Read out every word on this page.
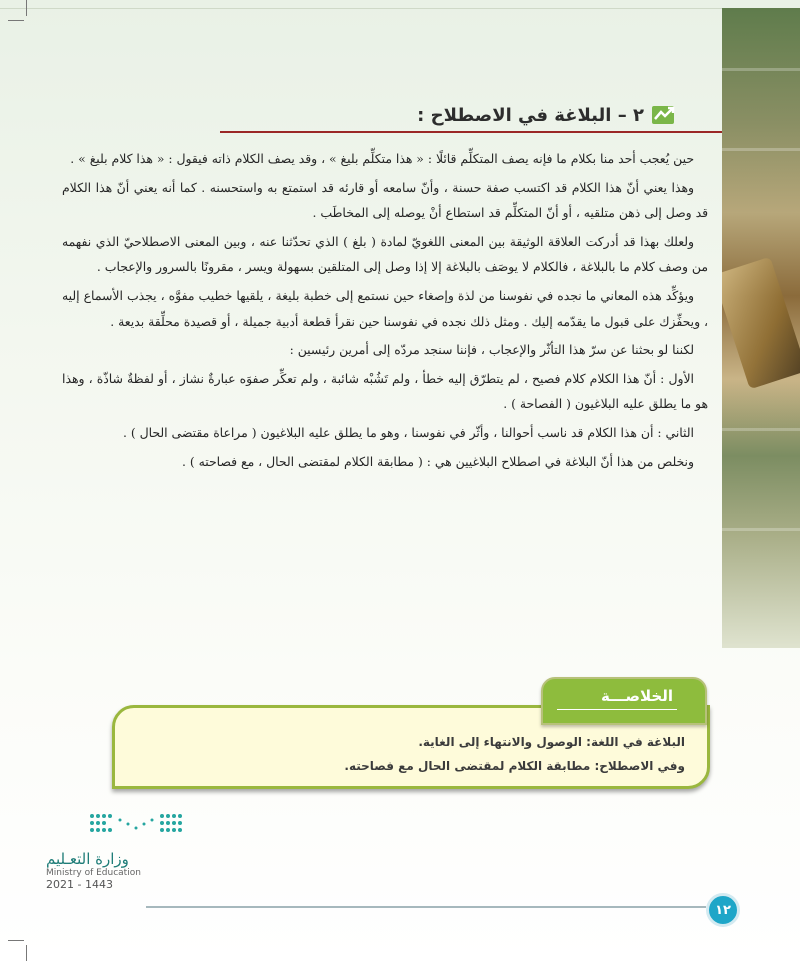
٢ – البلاغة في الاصطلاح :

حين يُعجب أحد منا بكلام ما فإنه يصف المتكلِّم قائلًا : « هذا متكلِّم بليغ » ، وقد يصف الكلام ذاته فيقول : « هذا كلام بليغ » .

وهذا يعني أنّ هذا الكلام قد اكتسب صفة حسنة ، وأنّ سامعه أو قارئه قد استمتع به واستحسنه . كما أنه يعني أنّ هذا الكلام قد وصل إلى ذهن متلقيه ، أو أنّ المتكلِّم قد استطاع أنْ يوصله إلى المخاطَب .

ولعلك بهذا قد أدركت العلاقة الوثيقة بين المعنى اللغويّ لمادة ( بلغ ) الذي تحدّثنا عنه ، وبين المعنى الاصطلاحيّ الذي نفهمه من وصف كلام ما بالبلاغة ، فالكلام لا يوصَف بالبلاغة إلا إذا وصل إلى المتلقين بسهولة ويسر ، مقرونًا بالسرور والإعجاب .

ويؤكِّد هذه المعاني ما نجده في نفوسنا من لذة وإصغاء حين نستمع إلى خطبة بليغة ، يلقيها خطيب مفوَّه ، يجذب الأسماع إليه ، ويحفِّزك على قبول ما يقدّمه إليك . ومثل ذلك نجده في نفوسنا حين نقرأ قطعة أدبية جميلة ، أو قصيدة محلِّقة بديعة .

لكننا لو بحثنا عن سرّ هذا التأثّر والإعجاب ، فإننا سنجد مردّه إلى أمرين رئيسين :

الأول : أنّ هذا الكلام كلام فصيح ، لم يتطرّق إليه خطأ ، ولم تَشُبْه شائبة ، ولم تعكِّر صفوَه عبارةٌ نشاز ، أو لفظةٌ شاذّة ، وهذا هو ما يطلق عليه البلاغيون ( الفصاحة ) .

الثاني : أن هذا الكلام قد ناسب أحوالنا ، وأثّر في نفوسنا ، وهو ما يطلق عليه البلاغيون ( مراعاة مقتضى الحال ) .

ونخلص من هذا أنّ البلاغة في اصطلاح البلاغيين هي : ( مطابقة الكلام لمقتضى الحال ، مع فصاحته ) .

البلاغة في اللغة: الوصول والانتهاء إلى الغاية.
وفي الاصطلاح: مطابقة الكلام لمقتضى الحال مع فصاحته.
الخلاصـــة
وزارة التعـليم
Ministry of Education
2021 - 1443
١٢
